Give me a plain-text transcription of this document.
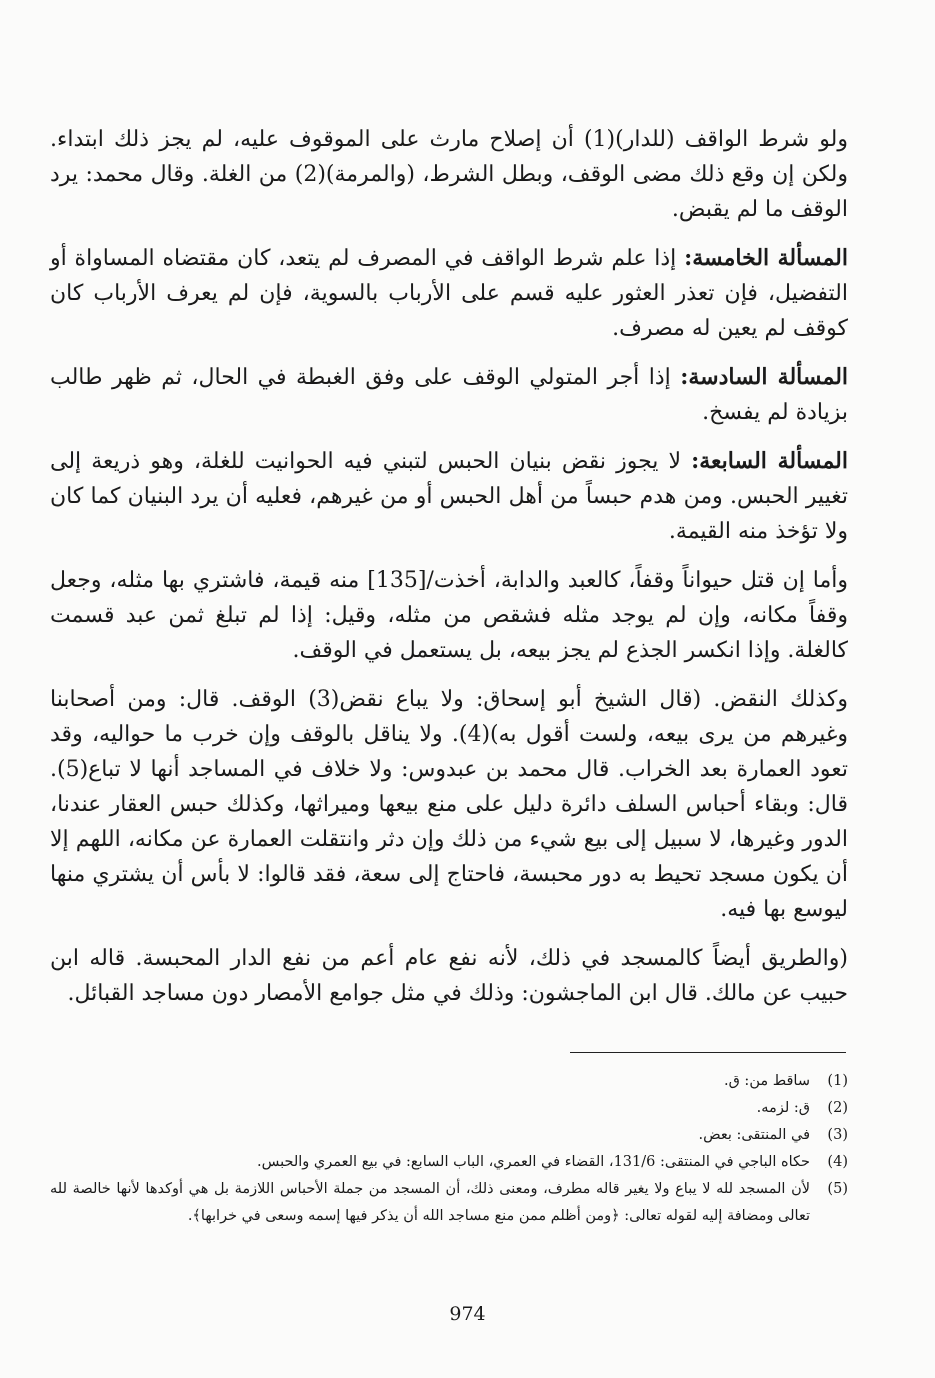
ولو شرط الواقف (للدار)(1) أن إصلاح مارث على الموقوف عليه، لم يجز ذلك ابتداء. ولكن إن وقع ذلك مضى الوقف، وبطل الشرط، (والمرمة)(2) من الغلة. وقال محمد: يرد الوقف ما لم يقبض.

المسألة الخامسة: إذا علم شرط الواقف في المصرف لم يتعد، كان مقتضاه المساواة أو التفضيل، فإن تعذر العثور عليه قسم على الأرباب بالسوية، فإن لم يعرف الأرباب كان كوقف لم يعين له مصرف.

المسألة السادسة: إذا أجر المتولي الوقف على وفق الغبطة في الحال، ثم ظهر طالب بزيادة لم يفسخ.

المسألة السابعة: لا يجوز نقض بنيان الحبس لتبني فيه الحوانيت للغلة، وهو ذريعة إلى تغيير الحبس. ومن هدم حبساً من أهل الحبس أو من غيرهم، فعليه أن يرد البنيان كما كان ولا تؤخذ منه القيمة.

وأما إن قتل حيواناً وقفاً، كالعبد والدابة، أخذت/[135] منه قيمة، فاشتري بها مثله، وجعل وقفاً مكانه، وإن لم يوجد مثله فشقص من مثله، وقيل: إذا لم تبلغ ثمن عبد قسمت كالغلة. وإذا انكسر الجذع لم يجز بيعه، بل يستعمل في الوقف.

وكذلك النقض. (قال الشيخ أبو إسحاق: ولا يباع نقض(3) الوقف. قال: ومن أصحابنا وغيرهم من يرى بيعه، ولست أقول به)(4). ولا يناقل بالوقف وإن خرب ما حواليه، وقد تعود العمارة بعد الخراب. قال محمد بن عبدوس: ولا خلاف في المساجد أنها لا تباع(5). قال: وبقاء أحباس السلف دائرة دليل على منع بيعها وميراثها، وكذلك حبس العقار عندنا، الدور وغيرها، لا سبيل إلى بيع شيء من ذلك وإن دثر وانتقلت العمارة عن مكانه، اللهم إلا أن يكون مسجد تحيط به دور محبسة، فاحتاج إلى سعة، فقد قالوا: لا بأس أن يشتري منها ليوسع بها فيه.

(والطريق أيضاً كالمسجد في ذلك، لأنه نفع عام أعم من نفع الدار المحبسة. قاله ابن حبيب عن مالك. قال ابن الماجشون: وذلك في مثل جوامع الأمصار دون مساجد القبائل.

(1)
ساقط من: ق.
(2)
ق: لزمه.
(3)
في المنتقى: بعض.
(4)
حكاه الباجي في المنتقى: 131/6، القضاء في العمري، الباب السابع: في بيع العمري والحبس.
(5)
لأن المسجد لله لا يباع ولا يغير قاله مطرف، ومعنى ذلك، أن المسجد من جملة الأحباس اللازمة بل هي أوكدها لأنها خالصة لله تعالى ومضافة إليه لقوله تعالى: ﴿ومن أظلم ممن منع مساجد الله أن يذكر فيها إسمه وسعى في خرابها﴾.
974
